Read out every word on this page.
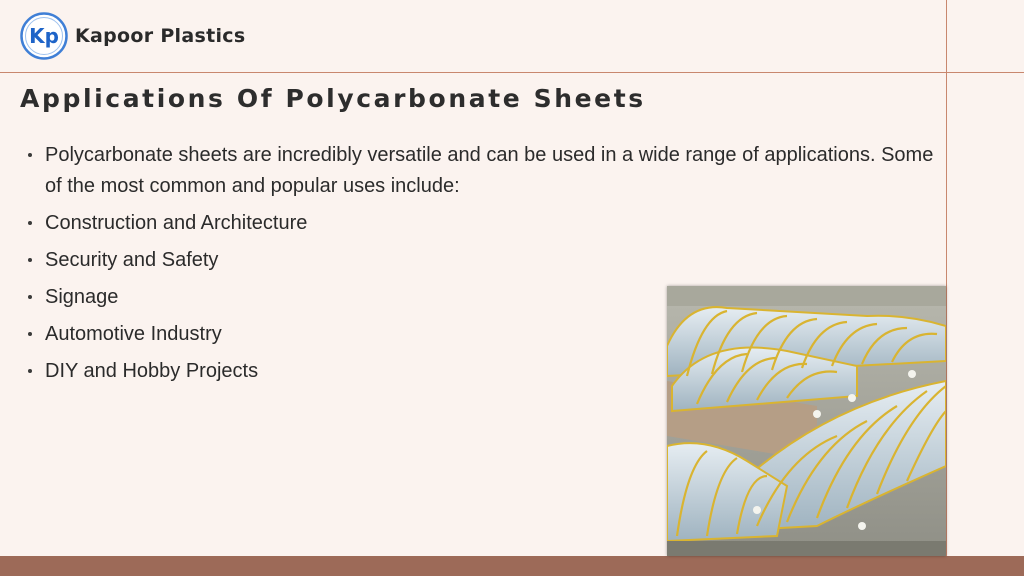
Kp Kapoor Plastics
Applications Of Polycarbonate Sheets
Polycarbonate sheets are incredibly versatile and can be used in a wide range of applications. Some of the most common and popular uses include:
Construction and Architecture
Security and Safety
Signage
Automotive Industry
DIY and Hobby Projects
